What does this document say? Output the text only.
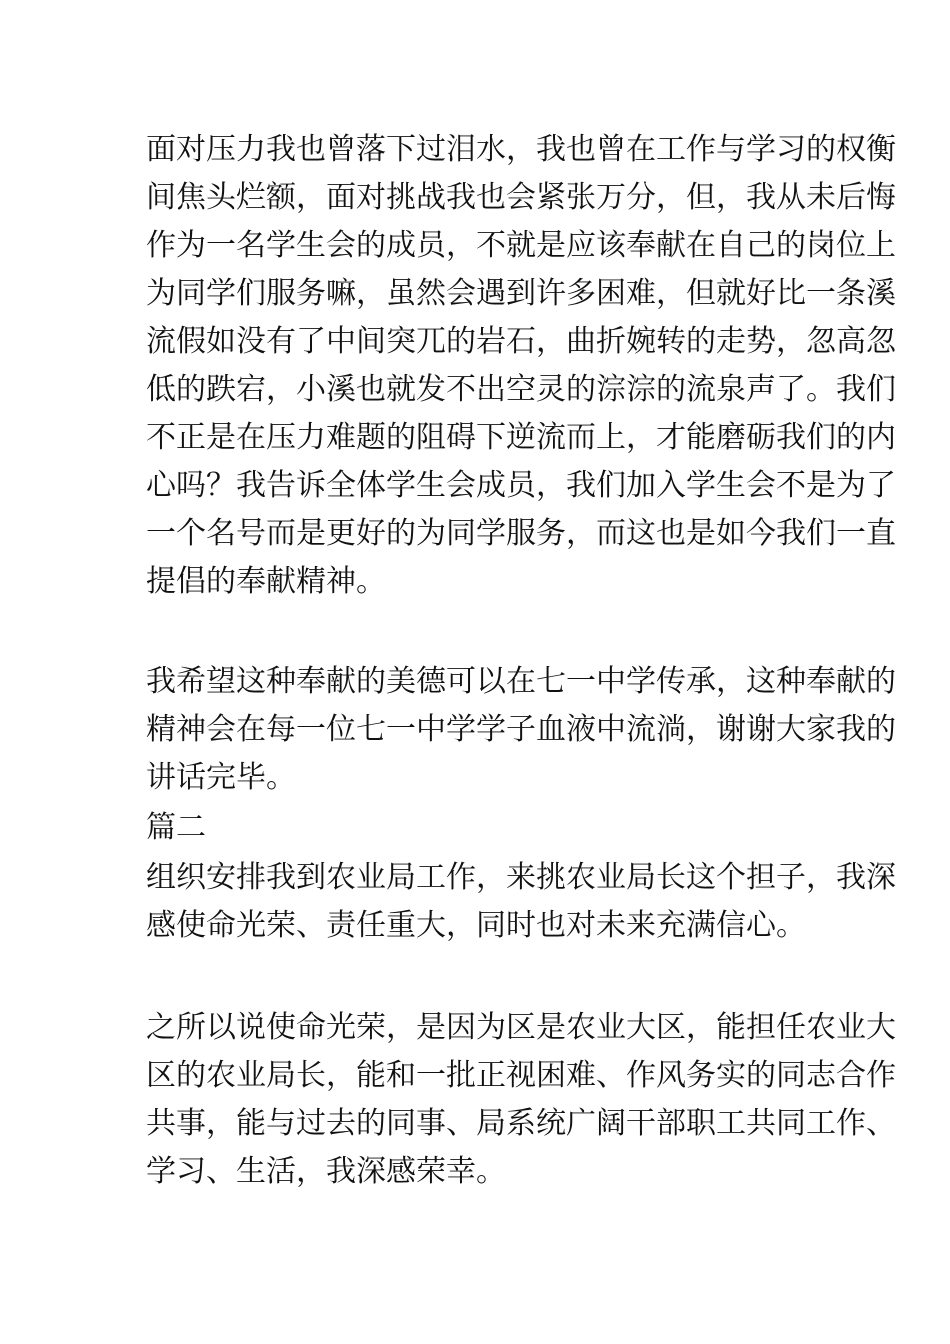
面对压力我也曾落下过泪水，我也曾在工作与学习的权衡
间焦头烂额，面对挑战我也会紧张万分，但，我从未后悔
作为一名学生会的成员，不就是应该奉献在自己的岗位上
为同学们服务嘛，虽然会遇到许多困难，但就好比一条溪
流假如没有了中间突兀的岩石，曲折婉转的走势，忽高忽
低的跌宕，小溪也就发不出空灵的淙淙的流泉声了。我们
不正是在压力难题的阻碍下逆流而上，才能磨砺我们的内
心吗？我告诉全体学生会成员，我们加入学生会不是为了
一个名号而是更好的为同学服务，而这也是如今我们一直
提倡的奉献精神。
我希望这种奉献的美德可以在七一中学传承，这种奉献的
精神会在每一位七一中学学子血液中流淌，谢谢大家我的
讲话完毕。
篇二
组织安排我到农业局工作，来挑农业局长这个担子，我深
感使命光荣、责任重大，同时也对未来充满信心。
之所以说使命光荣，是因为区是农业大区，能担任农业大
区的农业局长，能和一批正视困难、作风务实的同志合作
共事，能与过去的同事、局系统广阔干部职工共同工作、
学习、生活，我深感荣幸。
